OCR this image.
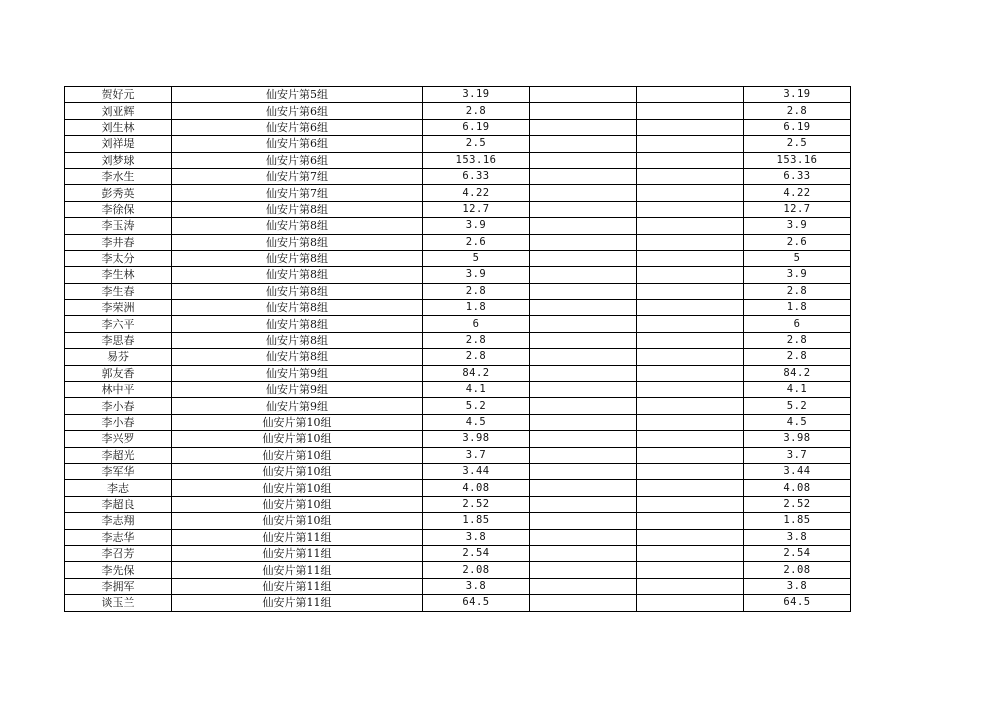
贺好元	仙安片第5组	3.19			3.19
刘亚辉	仙安片第6组	2.8			2.8
刘生林	仙安片第6组	6.19			6.19
刘祥堤	仙安片第6组	2.5			2.5
刘梦球	仙安片第6组	153.16			153.16
李水生	仙安片第7组	6.33			6.33
彭秀英	仙安片第7组	4.22			4.22
李徐保	仙安片第8组	12.7			12.7
李玉涛	仙安片第8组	3.9			3.9
李井春	仙安片第8组	2.6			2.6
李太分	仙安片第8组	5			5
李生林	仙安片第8组	3.9			3.9
李生春	仙安片第8组	2.8			2.8
李荣洲	仙安片第8组	1.8			1.8
李六平	仙安片第8组	6			6
李思春	仙安片第8组	2.8			2.8
易芬	仙安片第8组	2.8			2.8
郭友香	仙安片第9组	84.2			84.2
林中平	仙安片第9组	4.1			4.1
李小春	仙安片第9组	5.2			5.2
李小春	仙安片第10组	4.5			4.5
李兴罗	仙安片第10组	3.98			3.98
李超光	仙安片第10组	3.7			3.7
李军华	仙安片第10组	3.44			3.44
李志	仙安片第10组	4.08			4.08
李超良	仙安片第10组	2.52			2.52
李志翔	仙安片第10组	1.85			1.85
李志华	仙安片第11组	3.8			3.8
李召芳	仙安片第11组	2.54			2.54
李先保	仙安片第11组	2.08			2.08
李拥军	仙安片第11组	3.8			3.8
谈玉兰	仙安片第11组	64.5			64.5
